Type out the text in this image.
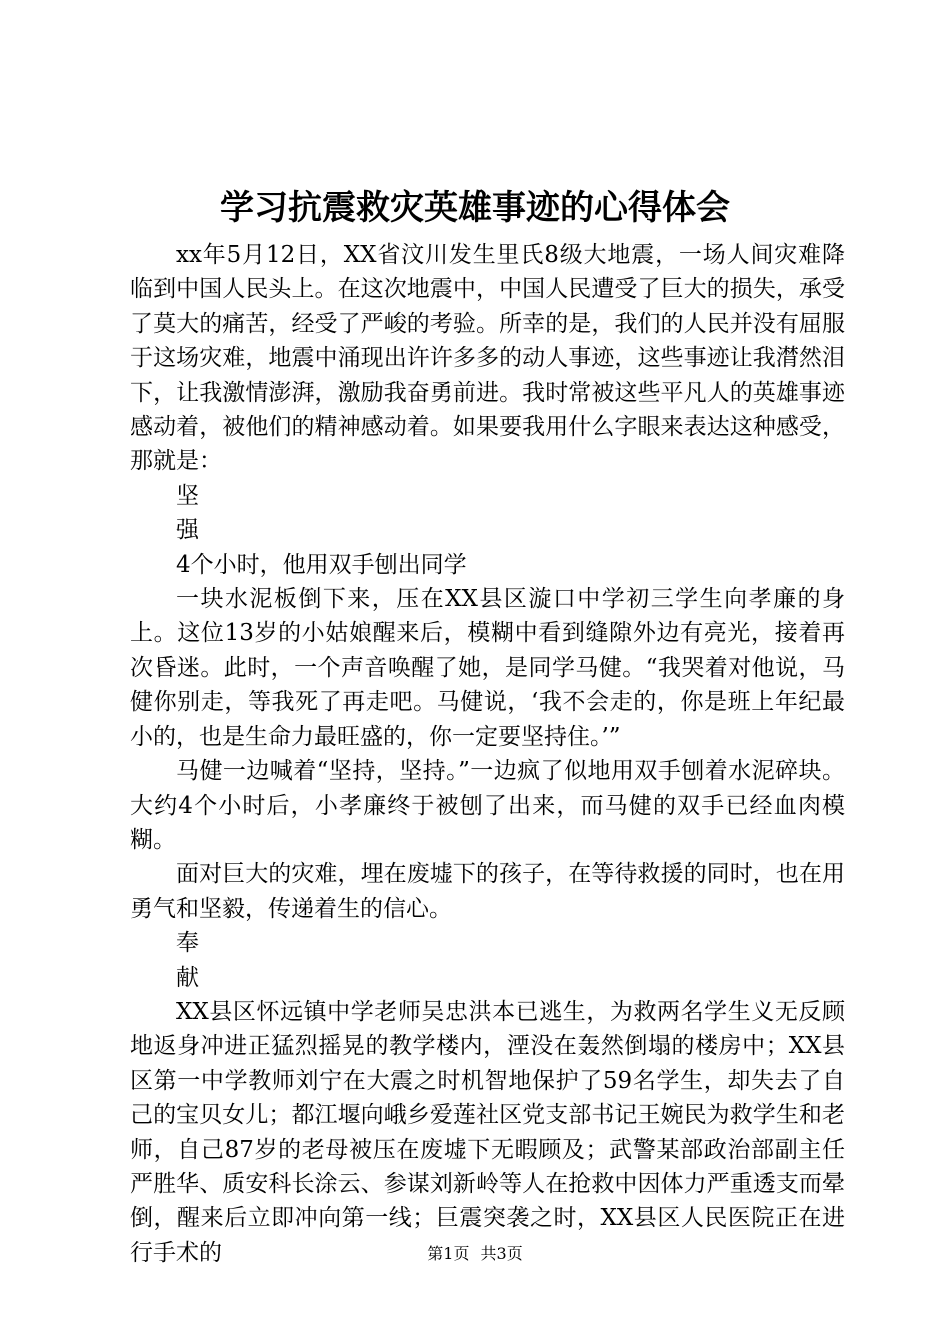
学习抗震救灾英雄事迹的心得体会

xx年5月12日，XX省汶川发生里氏8级大地震，一场人间灾难降临到中国人民头上。在这次地震中，中国人民遭受了巨大的损失，承受了莫大的痛苦，经受了严峻的考验。所幸的是，我们的人民并没有屈服于这场灾难，地震中涌现出许许多多的动人事迹，这些事迹让我潸然泪下，让我激情澎湃，激励我奋勇前进。我时常被这些平凡人的英雄事迹感动着，被他们的精神感动着。如果要我用什么字眼来表达这种感受，那就是：

坚

强

4个小时，他用双手刨出同学

一块水泥板倒下来，压在XX县区漩口中学初三学生向孝廉的身上。这位13岁的小姑娘醒来后，模糊中看到缝隙外边有亮光，接着再次昏迷。此时，一个声音唤醒了她，是同学马健。“我哭着对他说，马健你别走，等我死了再走吧。马健说，‘我不会走的，你是班上年纪最小的，也是生命力最旺盛的，你一定要坚持住。’”

马健一边喊着“坚持，坚持。”一边疯了似地用双手刨着水泥碎块。大约4个小时后，小孝廉终于被刨了出来，而马健的双手已经血肉模糊。

面对巨大的灾难，埋在废墟下的孩子，在等待救援的同时，也在用勇气和坚毅，传递着生的信心。

奉

献

XX县区怀远镇中学老师吴忠洪本已逃生，为救两名学生义无反顾地返身冲进正猛烈摇晃的教学楼内，湮没在轰然倒塌的楼房中；XX县区第一中学教师刘宁在大震之时机智地保护了59名学生，却失去了自己的宝贝女儿；都江堰向峨乡爱莲社区党支部书记王婉民为救学生和老师，自己87岁的老母被压在废墟下无暇顾及；武警某部政治部副主任严胜华、质安科长涂云、参谋刘新岭等人在抢救中因体力严重透支而晕倒，醒来后立即冲向第一线；巨震突袭之时，XX县区人民医院正在进行手术的	第1页 共3页
